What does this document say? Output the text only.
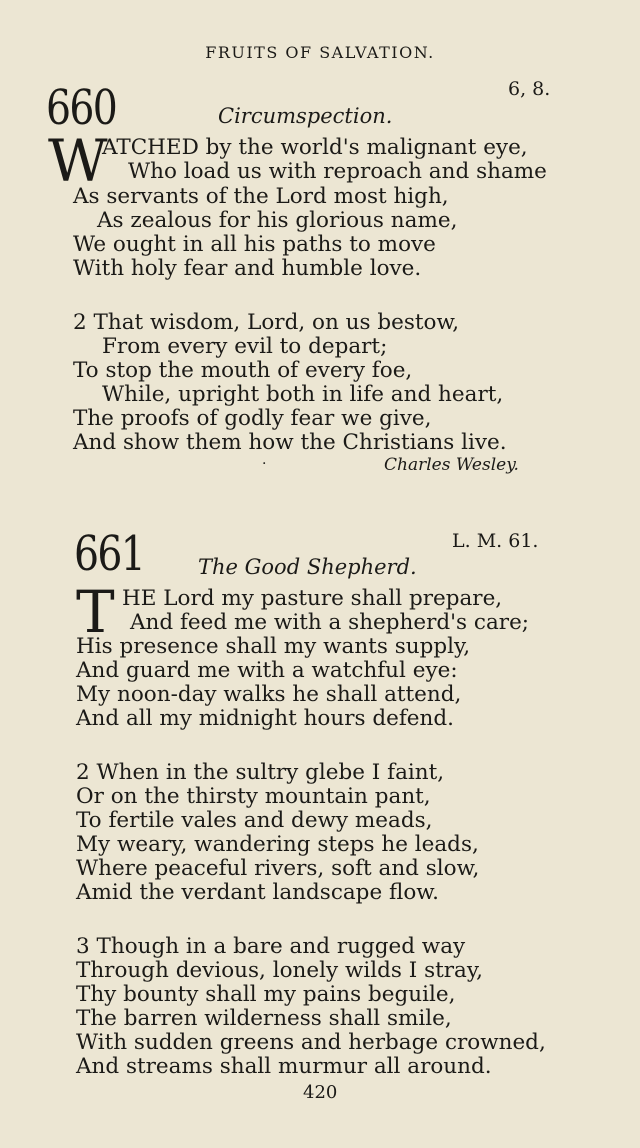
FRUITS OF SALVATION.
660	6, 8.
Circumspection.
W
ATCHED by the world's malignant eye,
Who load us with reproach and shame
As servants of the Lord most high,
As zealous for his glorious name,
We ought in all his paths to move
With holy fear and humble love.
2 That wisdom, Lord, on us bestow,
From every evil to depart;
To stop the mouth of every foe,
While, upright both in life and heart,
The proofs of godly fear we give,
And show them how the Christians live.
·	Charles Wesley.
661	L. M. 61.
The Good Shepherd.
T HE Lord my pasture shall prepare,
And feed me with a shepherd's care;
His presence shall my wants supply,
And guard me with a watchful eye:
My noon-day walks he shall attend,
And all my midnight hours defend.
2 When in the sultry glebe I faint,
Or on the thirsty mountain pant,
To fertile vales and dewy meads,
My weary, wandering steps he leads,
Where peaceful rivers, soft and slow,
Amid the verdant landscape flow.
3 Though in a bare and rugged way
Through devious, lonely wilds I stray,
Thy bounty shall my pains beguile,
The barren wilderness shall smile,
With sudden greens and herbage crowned,
And streams shall murmur all around.
420
